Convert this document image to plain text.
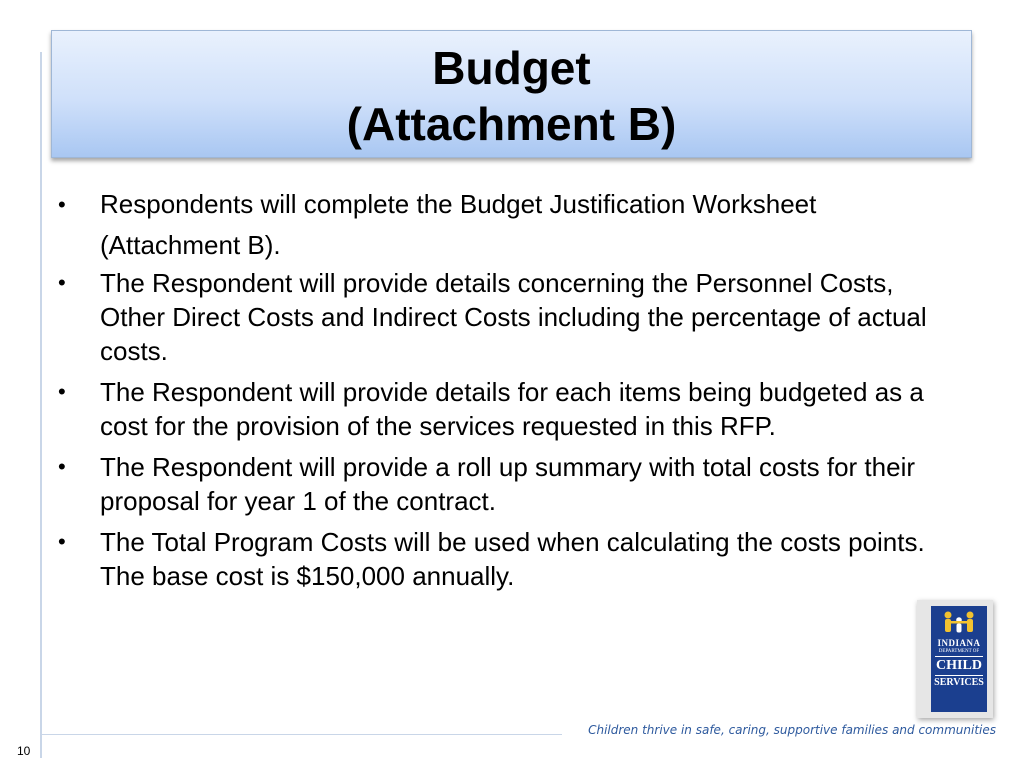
Budget
(Attachment B)
•	Respondents will complete the Budget Justification Worksheet (Attachment B).
•	The Respondent will provide details concerning the Personnel Costs, Other Direct Costs and Indirect Costs including the percentage of actual costs.
•	The Respondent will provide details for each items being budgeted as a cost for the provision of the services requested in this RFP.
•	The Respondent will provide a roll up summary with total costs for their proposal for year 1 of the contract.
•	The Total Program Costs will be used when calculating the costs points. The base cost is $150,000 annually.
INDIANA
DEPARTMENT OF
CHILD
SERVICES
Children thrive in safe, caring, supportive families and communities
10
